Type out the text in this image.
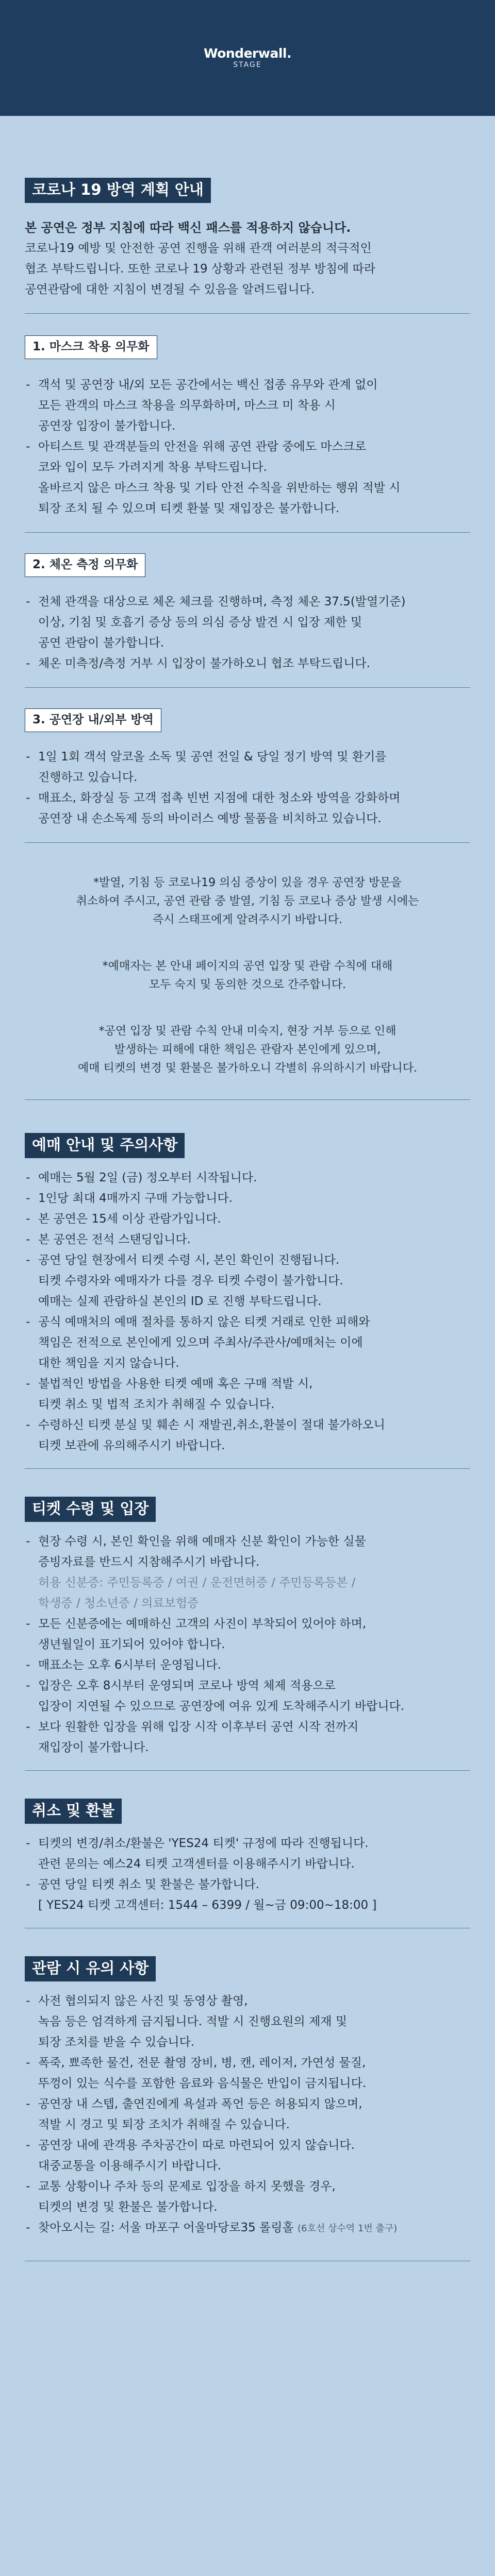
Wonderwall.
STAGE
코로나 19 방역 계획 안내
본 공연은 정부 지침에 따라 백신 패스를 적용하지 않습니다.
코로나19 예방 및 안전한 공연 진행을 위해 관객 여러분의 적극적인
협조 부탁드립니다. 또한 코로나 19 상황과 관련된 정부 방침에 따라
공연관람에 대한 지침이 변경될 수 있음을 알려드립니다.
1. 마스크 착용 의무화
- 객석 및 공연장 내/외 모든 공간에서는 백신 접종 유무와 관계 없이
모든 관객의 마스크 착용을 의무화하며, 마스크 미 착용 시
공연장 입장이 불가합니다.
- 아티스트 및 관객분들의 안전을 위해 공연 관람 중에도 마스크로
코와 입이 모두 가려지게 착용 부탁드립니다.
올바르지 않은 마스크 착용 및 기타 안전 수칙을 위반하는 행위 적발 시
퇴장 조치 될 수 있으며 티켓 환불 및 재입장은 불가합니다.
2. 체온 측정 의무화
- 전체 관객을 대상으로 체온 체크를 진행하며, 측정 체온 37.5(발열기준)
이상, 기침 및 호흡기 증상 등의 의심 증상 발견 시 입장 제한 및
공연 관람이 불가합니다.
- 체온 미측정/측정 거부 시 입장이 불가하오니 협조 부탁드립니다.
3. 공연장 내/외부 방역
- 1일 1회 객석 알코올 소독 및 공연 전일 & 당일 정기 방역 및 환기를
진행하고 있습니다.
- 매표소, 화장실 등 고객 접촉 빈번 지점에 대한 청소와 방역을 강화하며
공연장 내 손소독제 등의 바이러스 예방 물품을 비치하고 있습니다.
*발열, 기침 등 코로나19 의심 증상이 있을 경우 공연장 방문을
취소하여 주시고, 공연 관람 중 발열, 기침 등 코로나 증상 발생 시에는
즉시 스태프에게 알려주시기 바랍니다.
*예매자는 본 안내 페이지의 공연 입장 및 관람 수칙에 대해
모두 숙지 및 동의한 것으로 간주합니다.
*공연 입장 및 관람 수칙 안내 미숙지, 현장 거부 등으로 인해
발생하는 피해에 대한 책임은 관람자 본인에게 있으며,
예매 티켓의 변경 및 환불은 불가하오니 각별히 유의하시기 바랍니다.
예매 안내 및 주의사항
- 예매는 5월 2일 (금) 정오부터 시작됩니다.
- 1인당 최대 4매까지 구매 가능합니다.
- 본 공연은 15세 이상 관람가입니다.
- 본 공연은 전석 스탠딩입니다.
- 공연 당일 현장에서 티켓 수령 시, 본인 확인이 진행됩니다.
티켓 수령자와 예매자가 다를 경우 티켓 수령이 불가합니다.
예매는 실제 관람하실 본인의 ID 로 진행 부탁드립니다.
- 공식 예매처의 예매 절차를 통하지 않은 티켓 거래로 인한 피해와
책임은 전적으로 본인에게 있으며 주최사/주관사/예매처는 이에
대한 책임을 지지 않습니다.
- 불법적인 방법을 사용한 티켓 예매 혹은 구매 적발 시,
티켓 취소 및 법적 조치가 취해질 수 있습니다.
- 수령하신 티켓 분실 및 훼손 시 재발권,취소,환불이 절대 불가하오니
티켓 보관에 유의해주시기 바랍니다.
티켓 수령 및 입장
- 현장 수령 시, 본인 확인을 위해 예매자 신분 확인이 가능한 실물
증빙자료를 반드시 지참해주시기 바랍니다.
허용 신분증: 주민등록증 / 여권 / 운전면허증 / 주민등록등본 /
학생증 / 청소년증 / 의료보험증
- 모든 신분증에는 예매하신 고객의 사진이 부착되어 있어야 하며,
생년월일이 표기되어 있어야 합니다.
- 매표소는 오후 6시부터 운영됩니다.
- 입장은 오후 8시부터 운영되며 코로나 방역 체제 적용으로
입장이 지연될 수 있으므로 공연장에 여유 있게 도착해주시기 바랍니다.
- 보다 원활한 입장을 위해 입장 시작 이후부터 공연 시작 전까지
재입장이 불가합니다.
취소 및 환불
- 티켓의 변경/취소/환불은 'YES24 티켓' 규정에 따라 진행됩니다.
관련 문의는 예스24 티켓 고객센터를 이용해주시기 바랍니다.
- 공연 당일 티켓 취소 및 환불은 불가합니다.
[ YES24 티켓 고객센터: 1544 – 6399 / 월~금 09:00~18:00 ]
관람 시 유의 사항
- 사전 협의되지 않은 사진 및 동영상 촬영,
녹음 등은 엄격하게 금지됩니다. 적발 시 진행요원의 제재 및
퇴장 조치를 받을 수 있습니다.
- 폭죽, 뾰족한 물건, 전문 촬영 장비, 병, 캔, 레이저, 가연성 물질,
뚜껑이 있는 식수를 포함한 음료와 음식물은 반입이 금지됩니다.
- 공연장 내 스텝, 출연진에게 욕설과 폭언 등은 허용되지 않으며,
적발 시 경고 및 퇴장 조치가 취해질 수 있습니다.
- 공연장 내에 관객용 주차공간이 따로 마련되어 있지 않습니다.
대중교통을 이용해주시기 바랍니다.
- 교통 상황이나 주차 등의 문제로 입장을 하지 못했을 경우,
티켓의 변경 및 환불은 불가합니다.
- 찾아오시는 길: 서울 마포구 어울마당로35 롤링홀 (6호선 상수역 1번 출구)
